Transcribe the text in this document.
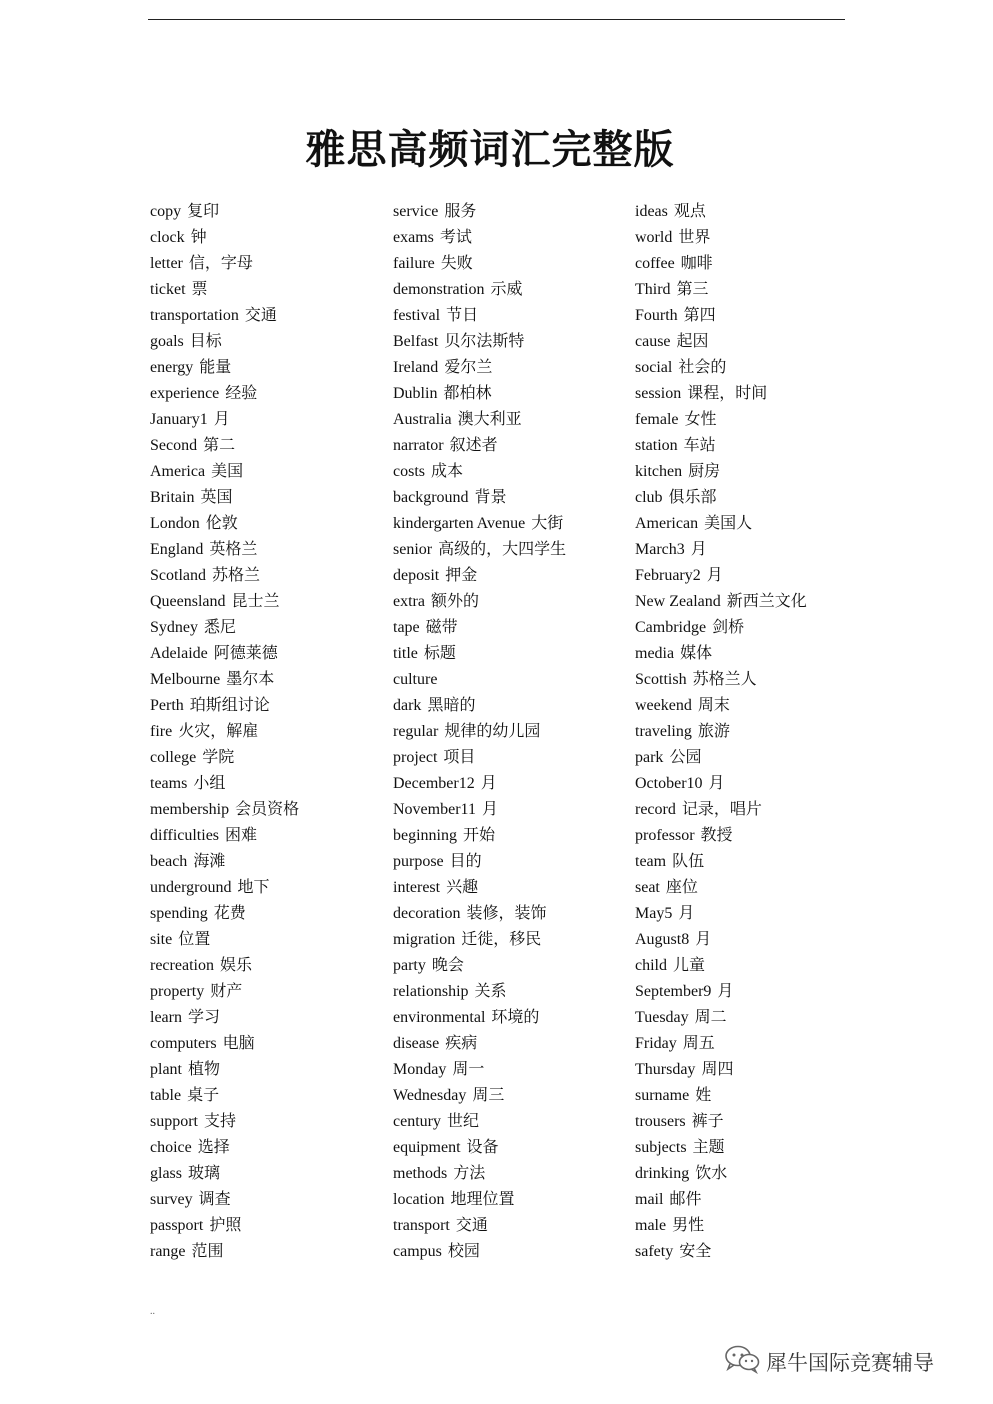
雅思高频词汇完整版
copy 复印
clock 钟
letter 信，字母
ticket 票
transportation 交通
goals 目标
energy 能量
experience 经验
January1 月
Second 第二
America 美国
Britain 英国
London 伦敦
England 英格兰
Scotland 苏格兰
Queensland 昆士兰
Sydney 悉尼
Adelaide 阿德莱德
Melbourne 墨尔本
Perth 珀斯组讨论
fire 火灾，解雇
college 学院
teams 小组
membership 会员资格
difficulties 困难
beach 海滩
underground 地下
spending 花费
site 位置
recreation 娱乐
property 财产
learn 学习
computers 电脑
plant 植物
table 桌子
support 支持
choice 选择
glass 玻璃
survey 调查
passport 护照
range 范围
service 服务
exams 考试
failure 失败
demonstration 示威
festival 节日
Belfast 贝尔法斯特
Ireland 爱尔兰
Dublin 都柏林
Australia 澳大利亚
narrator 叙述者
costs 成本
background 背景
kindergarten Avenue 大街
senior 高级的，大四学生
deposit 押金
extra 额外的
tape 磁带
title 标题
culture
dark 黑暗的
regular 规律的幼儿园
project 项目
December12 月
November11 月
beginning 开始
purpose 目的
interest 兴趣
decoration 装修，装饰
migration 迁徙，移民
party 晚会
relationship 关系
environmental 环境的
disease 疾病
Monday 周一
Wednesday 周三
century 世纪
equipment 设备
methods 方法
location 地理位置
transport 交通
campus 校园
ideas 观点
world 世界
coffee 咖啡
Third 第三
Fourth 第四
cause 起因
social 社会的
session 课程，时间
female 女性
station 车站
kitchen 厨房
club 俱乐部
American 美国人
March3 月
February2 月
New Zealand 新西兰文化
Cambridge 剑桥
media 媒体
Scottish 苏格兰人
weekend 周末
traveling 旅游
park 公园
October10 月
record 记录，唱片
professor 教授
team 队伍
seat 座位
May5 月
August8 月
child 儿童
September9 月
Tuesday 周二
Friday 周五
Thursday 周四
surname 姓
trousers 裤子
subjects 主题
drinking 饮水
mail 邮件
male 男性
safety 安全
..
犀牛国际竞赛辅导
